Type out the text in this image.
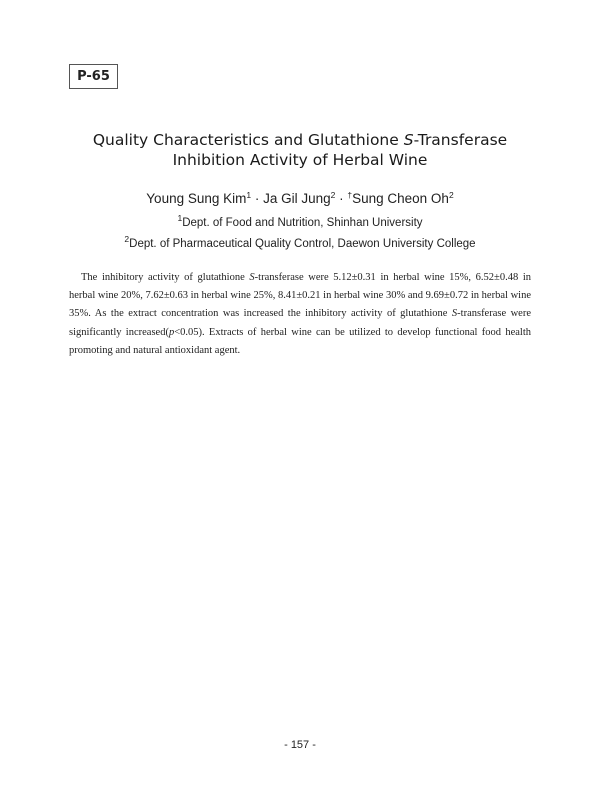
P-65
Quality Characteristics and Glutathione S-Transferase
Inhibition Activity of Herbal Wine
Young Sung Kim$^1$ · Ja Gil Jung$^2$ · †Sung Cheon Oh$^2$
$^1$Dept. of Food and Nutrition, Shinhan University
$^2$Dept. of Pharmaceutical Quality Control, Daewon University College

The inhibitory activity of glutathione S-transferase were 5.12±0.31 in herbal wine 15%, 6.52±0.48 in herbal wine 20%, 7.62±0.63 in herbal wine 25%, 8.41±0.21 in herbal wine 30% and 9.69±0.72 in herbal wine 35%. As the extract concentration was increased the inhibitory activity of glutathione S-transferase were significantly increased(p<0.05). Extracts of herbal wine can be utilized to develop functional food health promoting and natural antioxidant agent.

- 157 -
